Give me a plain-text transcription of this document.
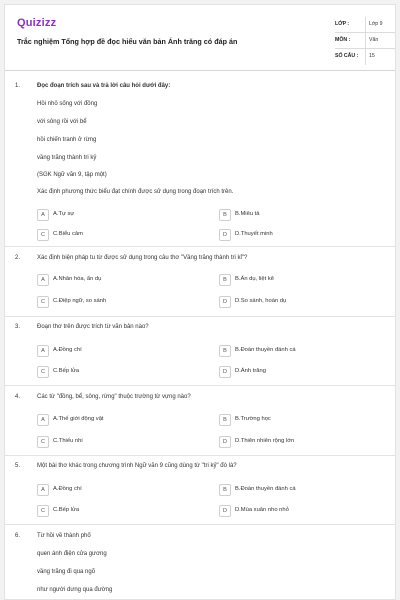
Quizizz
Trắc nghiệm Tổng hợp đề đọc hiểu văn bản Ánh trăng có đáp án
LỚP :	Lớp 9
MÔN :	Văn
SỐ CÂU : 15
1.	Đọc đoạn trích sau và trả lời câu hỏi dưới đây:
Hồi nhỏ sống với đồng
với sông rồi với bể
hồi chiến tranh ở rừng
vầng trăng thành tri kỷ
(SGK Ngữ văn 9, tập một)
Xác định phương thức biểu đạt chính được sử dụng trong đoạn trích trên.
A	A.Tự sự	B	B.Miêu tả
C	C.Biểu cảm	D	D.Thuyết minh
2.	Xác định biện pháp tu từ được sử dụng trong câu thơ "Vầng trăng thành tri kỉ"?
A	A.Nhân hóa, ẩn dụ	B	B.Ẩn dụ, liệt kê
C	C.Điệp ngữ, so sánh	D	D.So sánh, hoán dụ
3.	Đoạn thơ trên được trích từ văn bản nào?
A	A.Đồng chí	B	B.Đoàn thuyền đánh cá
C	C.Bếp lửa	D	D.Ánh trăng
4.	Các từ "đồng, bể, sông, rừng" thuộc trường từ vựng nào?
A	A.Thế giới động vật	B	B.Trường học
C	C.Thiếu nhi	D	D.Thiên nhiên rộng lớn
5.	Một bài thơ khác trong chương trình Ngữ văn 9 cũng dùng từ "tri kỷ" đó là?
A	A.Đồng chí	B	B.Đoàn thuyền đánh cá
C	C.Bếp lửa	D	D.Mùa xuân nho nhỏ
6.	Từ hồi về thành phố
quen ánh điện cửa gương
vầng trăng đi qua ngõ
như người dưng qua đường
